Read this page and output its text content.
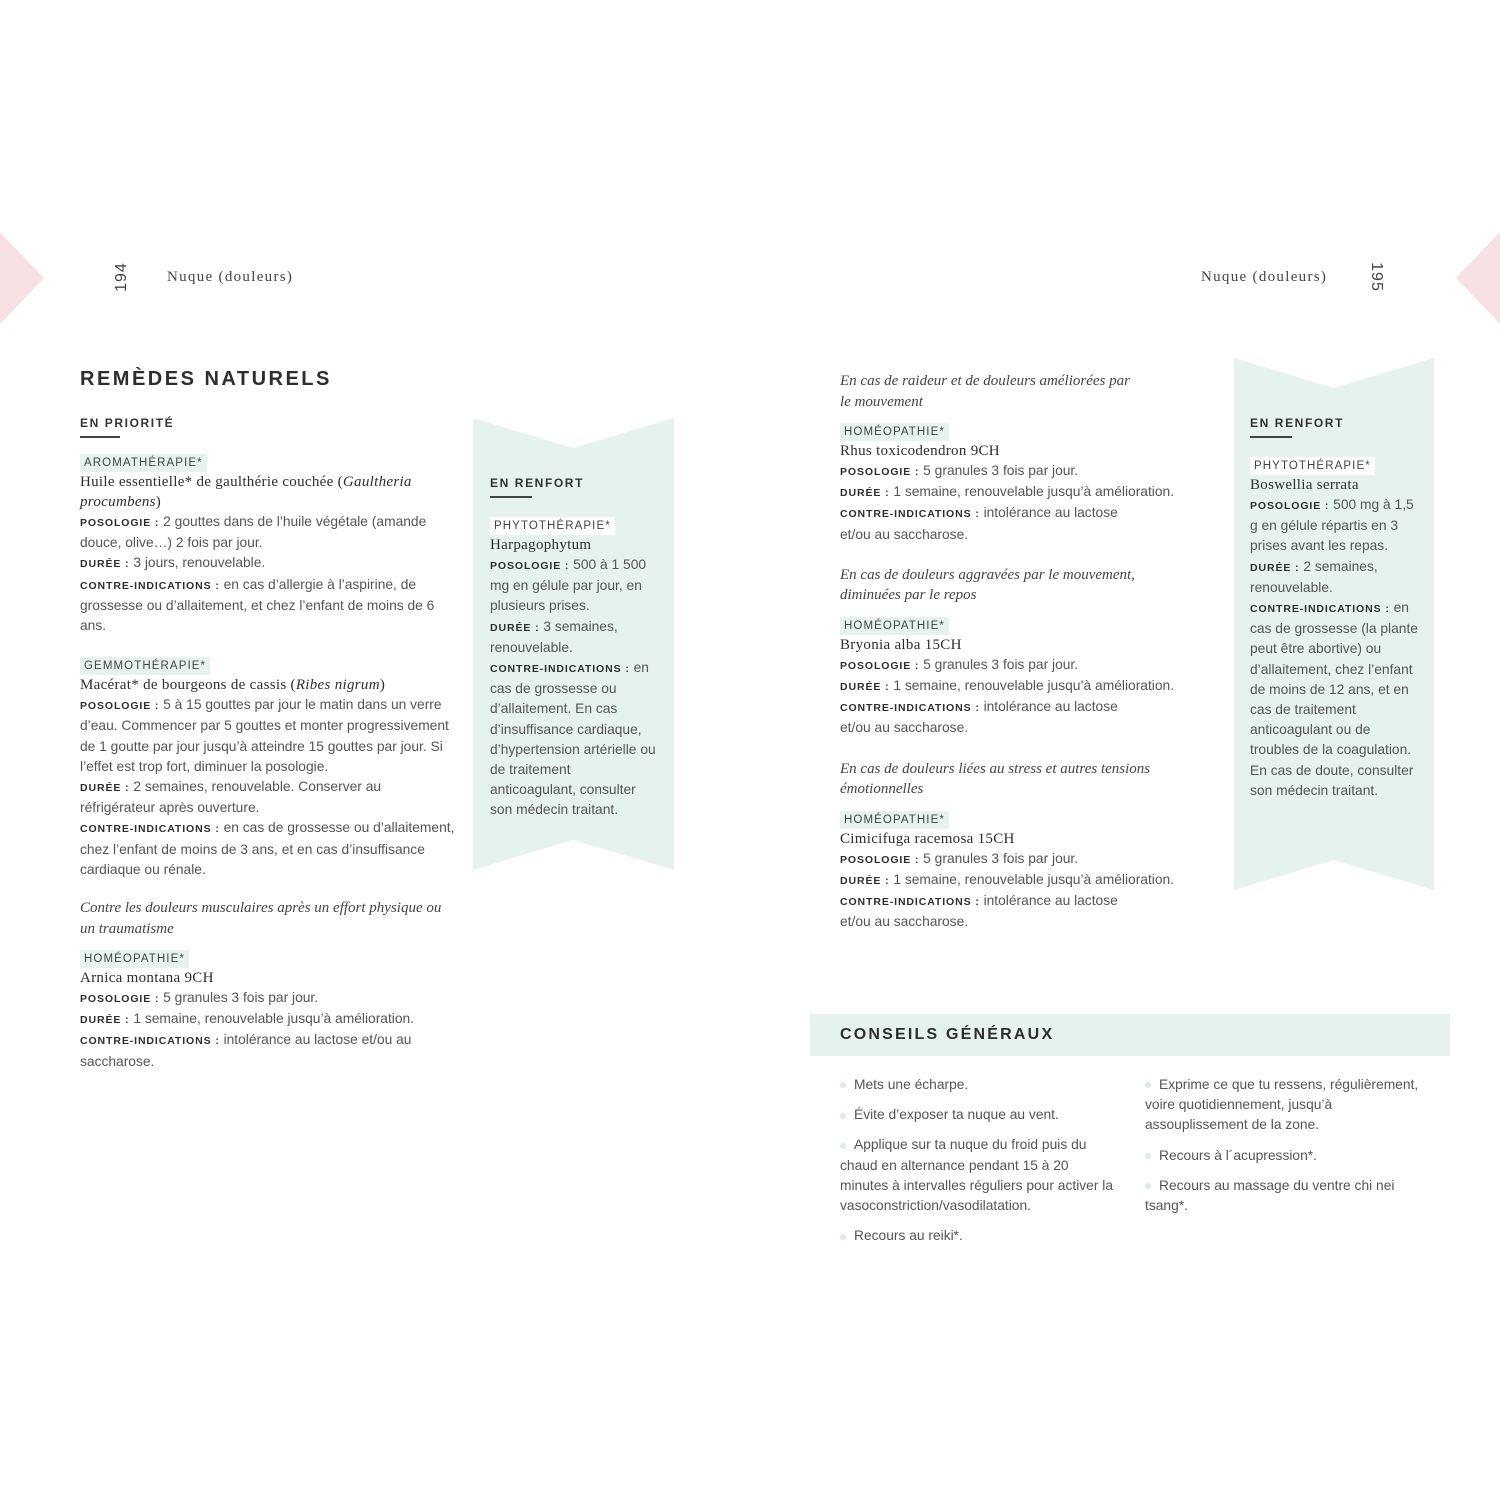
194 Nuque (douleurs)	Nuque (douleurs)	195
REMÈDES NATURELS
EN PRIORITÉ
AROMATHÉRAPIE*
Huile essentielle* de gaulthérie couchée (Gaultheria procumbens)
POSOLOGIE : 2 gouttes dans de l’huile végétale (amande douce, olive…) 2 fois par jour.
DURÉE : 3 jours, renouvelable.
CONTRE-INDICATIONS : en cas d’allergie à l’aspirine, de grossesse ou d’allaitement, et chez l’enfant de moins de 6 ans.
GEMMOTHÉRAPIE*
Macérat* de bourgeons de cassis (Ribes nigrum)
POSOLOGIE : 5 à 15 gouttes par jour le matin dans un verre d’eau. Commencer par 5 gouttes et monter progressivement de 1 goutte par jour jusqu’à atteindre 15 gouttes par jour. Si l’effet est trop fort, diminuer la posologie.
DURÉE : 2 semaines, renouvelable. Conserver au réfrigérateur après ouverture.
CONTRE-INDICATIONS : en cas de grossesse ou d’allaitement, chez l’enfant de moins de 3 ans, et en cas d’insuffisance cardiaque ou rénale.
Contre les douleurs musculaires après un effort physique ou un traumatisme
HOMÉOPATHIE*
Arnica montana 9CH
POSOLOGIE : 5 granules 3 fois par jour.
DURÉE : 1 semaine, renouvelable jusqu’à amélioration.
CONTRE-INDICATIONS : intolérance au lactose et/ou au saccharose.
EN RENFORT
PHYTOTHÉRAPIE*
Harpagophytum
POSOLOGIE : 500 à 1 500 mg en gélule par jour, en plusieurs prises.
DURÉE : 3 semaines, renouvelable.
CONTRE-INDICATIONS : en cas de grossesse ou d’allaitement. En cas d’insuffisance cardiaque, d’hypertension artérielle ou de traitement anticoagulant, consulter son médecin traitant.
En cas de raideur et de douleurs améliorées par le mouvement
HOMÉOPATHIE*
Rhus toxicodendron 9CH
POSOLOGIE : 5 granules 3 fois par jour.
DURÉE : 1 semaine, renouvelable jusqu’à amélioration.
CONTRE-INDICATIONS : intolérance au lactose et/ou au saccharose.
En cas de douleurs aggravées par le mouvement, diminuées par le repos
HOMÉOPATHIE*
Bryonia alba 15CH
POSOLOGIE : 5 granules 3 fois par jour.
DURÉE : 1 semaine, renouvelable jusqu’à amélioration.
CONTRE-INDICATIONS : intolérance au lactose et/ou au saccharose.
En cas de douleurs liées au stress et autres tensions émotionnelles
HOMÉOPATHIE*
Cimicifuga racemosa 15CH
POSOLOGIE : 5 granules 3 fois par jour.
DURÉE : 1 semaine, renouvelable jusqu’à amélioration.
CONTRE-INDICATIONS : intolérance au lactose et/ou au saccharose.
EN RENFORT
PHYTOTHÉRAPIE*
Boswellia serrata
POSOLOGIE : 500 mg à 1,5 g en gélule répartis en 3 prises avant les repas.
DURÉE : 2 semaines, renouvelable.
CONTRE-INDICATIONS : en cas de grossesse (la plante peut être abortive) ou d’allaitement, chez l’enfant de moins de 12 ans, et en cas de traitement anticoagulant ou de troubles de la coagulation. En cas de doute, consulter son médecin traitant.
CONSEILS GÉNÉRAUX
Mets une écharpe.
Évite d’exposer ta nuque au vent.
Applique sur ta nuque du froid puis du chaud en alternance pendant 15 à 20 minutes à intervalles réguliers pour activer la vasoconstriction/vasodilatation.
Recours au reiki*.
Exprime ce que tu ressens, régulièrement, voire quotidiennement, jusqu’à assouplissement de la zone.
Recours à l´acupression*.
Recours au massage du ventre chi nei tsang*.
